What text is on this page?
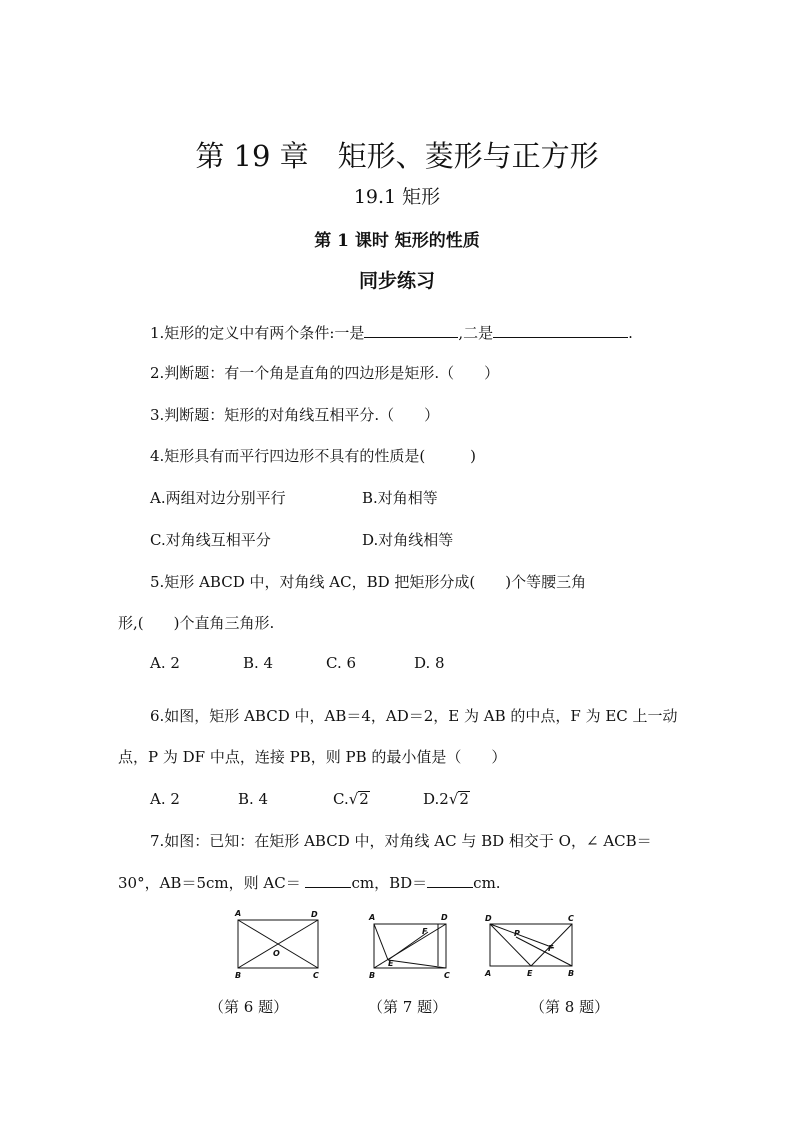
第 19 章　矩形、菱形与正方形
19.1 矩形
第 1 课时 矩形的性质
同步练习
1.矩形的定义中有两个条件:一是	,二是	.
2.判断题：有一个角是直角的四边形是矩形.（　　）
3.判断题：矩形的对角线互相平分.（　　）
4.矩形具有而平行四边形不具有的性质是(　　　)
A.两组对边分别平行	B.对角相等
C.对角线互相平分	D.对角线相等
5.矩形 ABCD 中，对角线 AC，BD 把矩形分成(　　)个等腰三角
形,(　　)个直角三角形.
A. 2	B. 4	C. 6	D. 8
6.如图，矩形 ABCD 中，AB＝4，AD＝2，E 为 AB 的中点，F 为 EC 上一动
点，P 为 DF 中点，连接 PB，则 PB 的最小值是（　　）
A. 2	B. 4	C.√2	D.2√2
7.如图：已知：在矩形 ABCD 中，对角线 AC 与 BD 相交于 O，∠ ACB＝
30°，AB＝5cm，则 AC＝	cm，BD＝	cm.
A	D
B	C
O
（第 6 题）
A	D
F
E
B	C
（第 7 题）
D	C
P
F
A	E	B
（第 8 题）
